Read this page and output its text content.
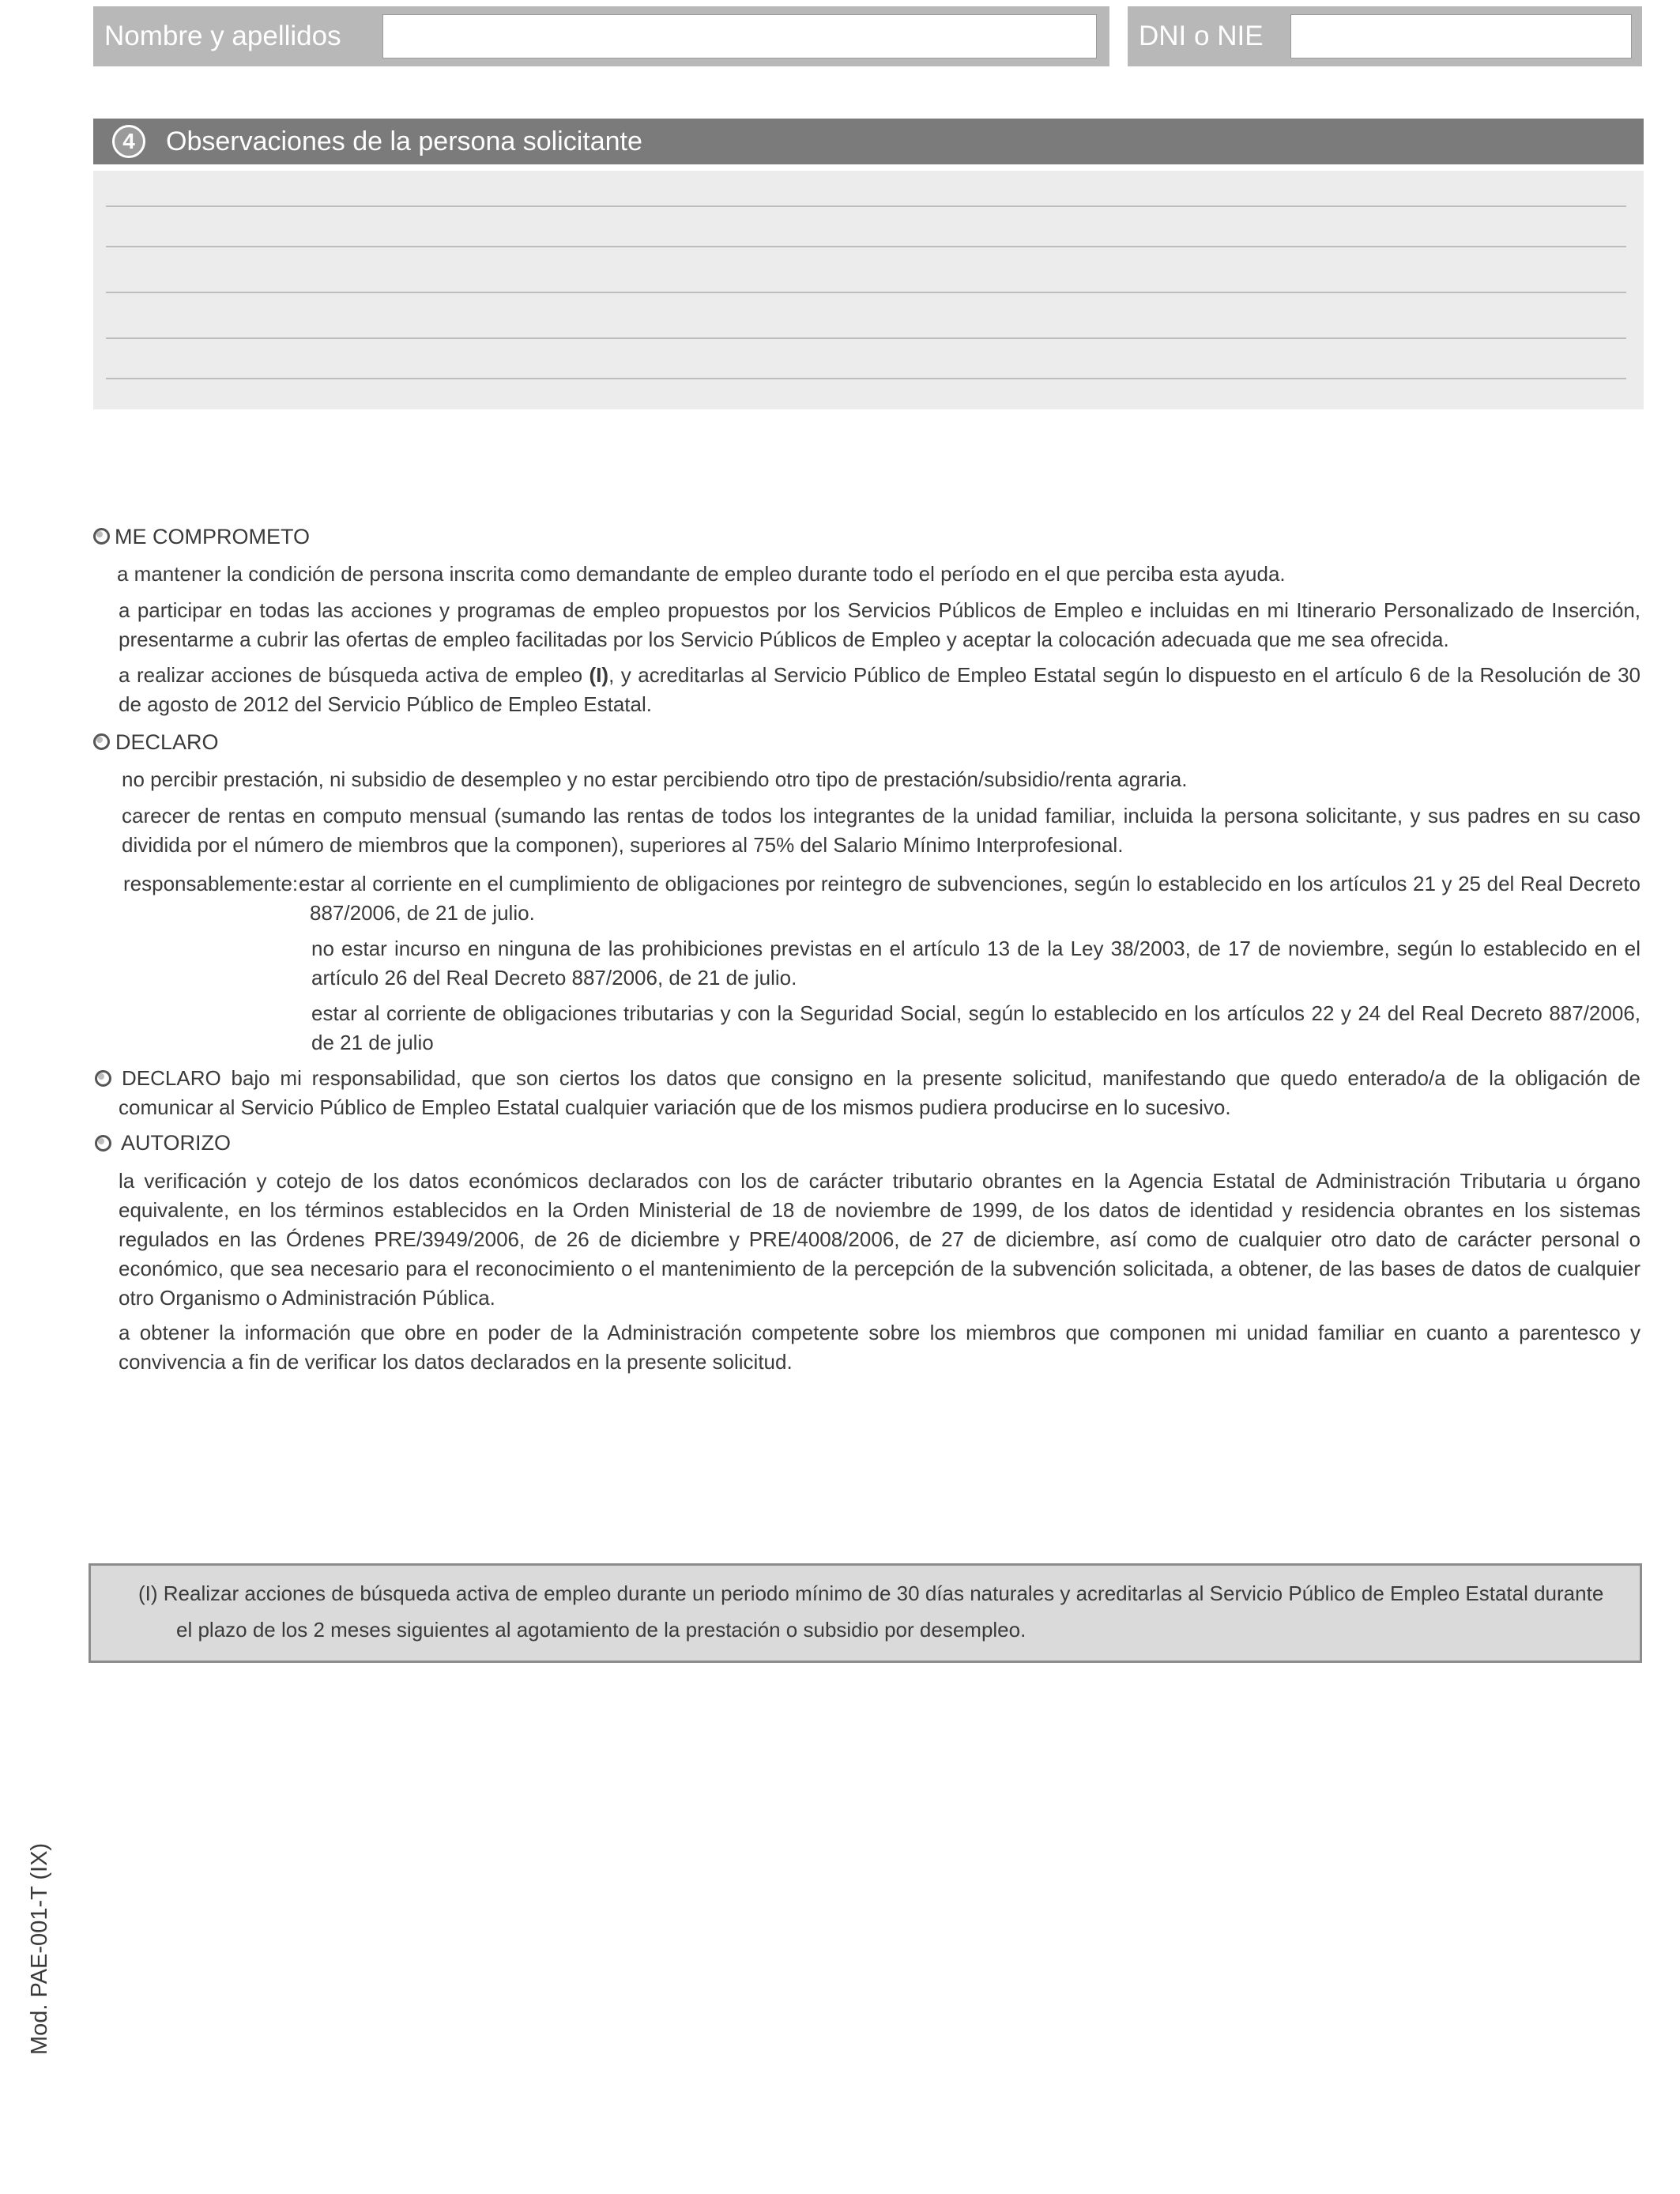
Nombre y apellidos	DNI o NIE
4	Observaciones de la persona solicitante
ME COMPROMETO
a mantener la condición de persona inscrita como demandante de empleo durante todo el período en el que perciba esta ayuda.
a participar en todas las acciones y programas de empleo propuestos por los Servicios Públicos de Empleo e incluidas en mi Itinerario Personalizado de Inserción, presentarme a cubrir las ofertas de empleo facilitadas por los Servicio Públicos de Empleo y aceptar la colocación adecuada que me sea ofrecida.
a realizar acciones de búsqueda activa de empleo (I), y acreditarlas al Servicio Público de Empleo Estatal según lo dispuesto en el artículo 6 de la Resolución de 30 de agosto de 2012 del Servicio Público de Empleo Estatal.
DECLARO
no percibir prestación, ni subsidio de desempleo y no estar percibiendo otro tipo de prestación/subsidio/renta agraria.
carecer de rentas en computo mensual (sumando las rentas de todos los integrantes de la unidad familiar, incluida la persona solicitante, y sus padres en su caso dividida por el número de miembros que la componen), superiores al 75% del Salario Mínimo Interprofesional.
responsablemente: estar al corriente en el cumplimiento de obligaciones por reintegro de subvenciones, según lo establecido en los artículos 21 y 25 del Real Decreto 887/2006, de 21 de julio.
no estar incurso en ninguna de las prohibiciones previstas en el artículo 13 de la Ley 38/2003, de 17 de noviembre, según lo establecido en el artículo 26 del Real Decreto 887/2006, de 21 de julio.
estar al corriente de obligaciones tributarias y con la Seguridad Social, según lo establecido en los artículos 22 y 24 del Real Decreto 887/2006, de 21 de julio
DECLARO bajo mi responsabilidad, que son ciertos los datos que consigno en la presente solicitud, manifestando que quedo enterado/a de la obligación de comunicar al Servicio Público de Empleo Estatal cualquier variación que de los mismos pudiera producirse en lo sucesivo.
AUTORIZO
la verificación y cotejo de los datos económicos declarados con los de carácter tributario obrantes en la Agencia Estatal de Administración Tributaria u órgano equivalente, en los términos establecidos en la Orden Ministerial de 18 de noviembre de 1999, de los datos de identidad y residencia obrantes en los sistemas regulados en las Órdenes PRE/3949/2006, de 26 de diciembre y PRE/4008/2006, de 27 de diciembre, así como de cualquier otro dato de carácter personal o económico, que sea necesario para el reconocimiento o el mantenimiento de la percepción de la subvención solicitada, a obtener, de las bases de datos de cualquier otro Organismo o Administración Pública.
a obtener la información que obre en poder de la Administración competente sobre los miembros que componen mi unidad familiar en cuanto a parentesco y convivencia a fin de verificar los datos declarados en la presente solicitud.
(I) Realizar acciones de búsqueda activa de empleo durante un periodo mínimo de 30 días naturales y acreditarlas al Servicio Público de Empleo Estatal durante
el plazo de los 2 meses siguientes al agotamiento de la prestación o subsidio por desempleo.
Mod. PAE-001-T (IX)
